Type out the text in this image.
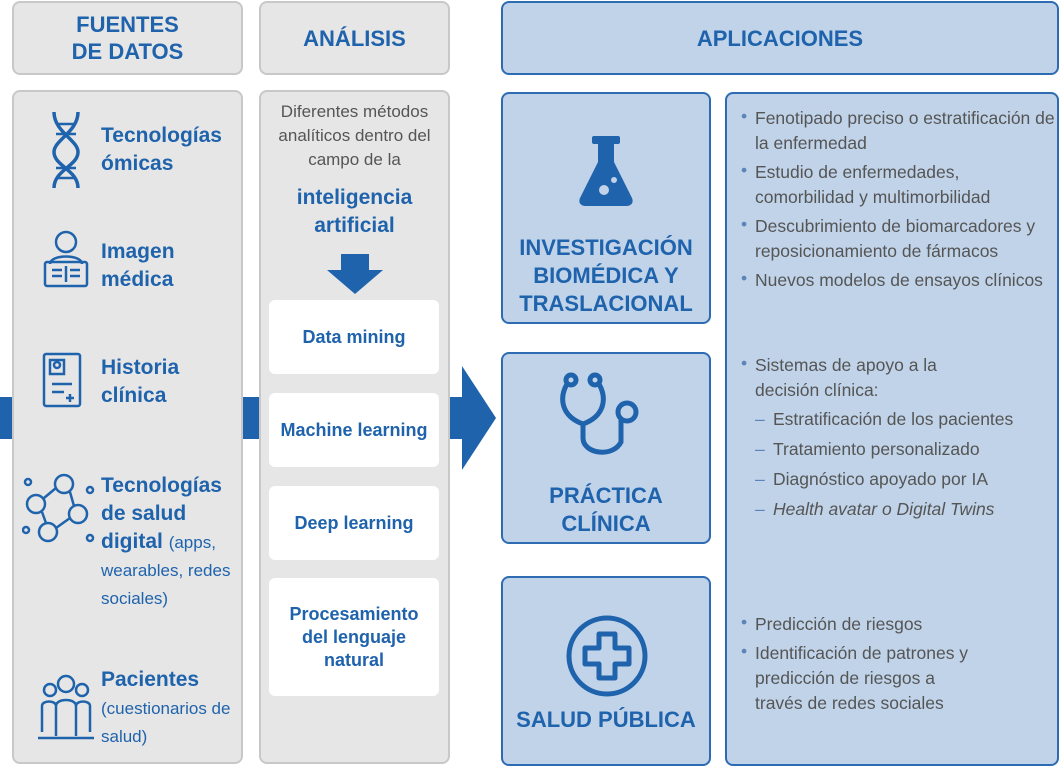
FUENTES
DE DATOS
ANÁLISIS	APLICACIONES
Tecnologías ómicas
Imagen médica
Historia clínica
Tecnologías de salud digital (apps, wearables, redes sociales)
Pacientes
(cuestionarios de salud)
Diferentes métodos analíticos dentro del campo de la
inteligencia artificial
Data mining
Machine learning
Deep learning
Procesamiento del lenguaje natural
INVESTIGACIÓN BIOMÉDICA Y TRASLACIONAL
PRÁCTICA CLÍNICA
SALUD PÚBLICA
• Fenotipado preciso o estratificación de la enfermedad
• Estudio de enfermedades, comorbilidad y multimorbilidad
• Descubrimiento de biomarcadores y reposicionamiento de fármacos
• Nuevos modelos de ensayos clínicos
• Sistemas de apoyo a la decisión clínica:
– Estratificación de los pacientes
– Tratamiento personalizado
– Diagnóstico apoyado por IA
– Health avatar o Digital Twins
• Predicción de riesgos
• Identificación de patrones y predicción de riesgos a través de redes sociales
